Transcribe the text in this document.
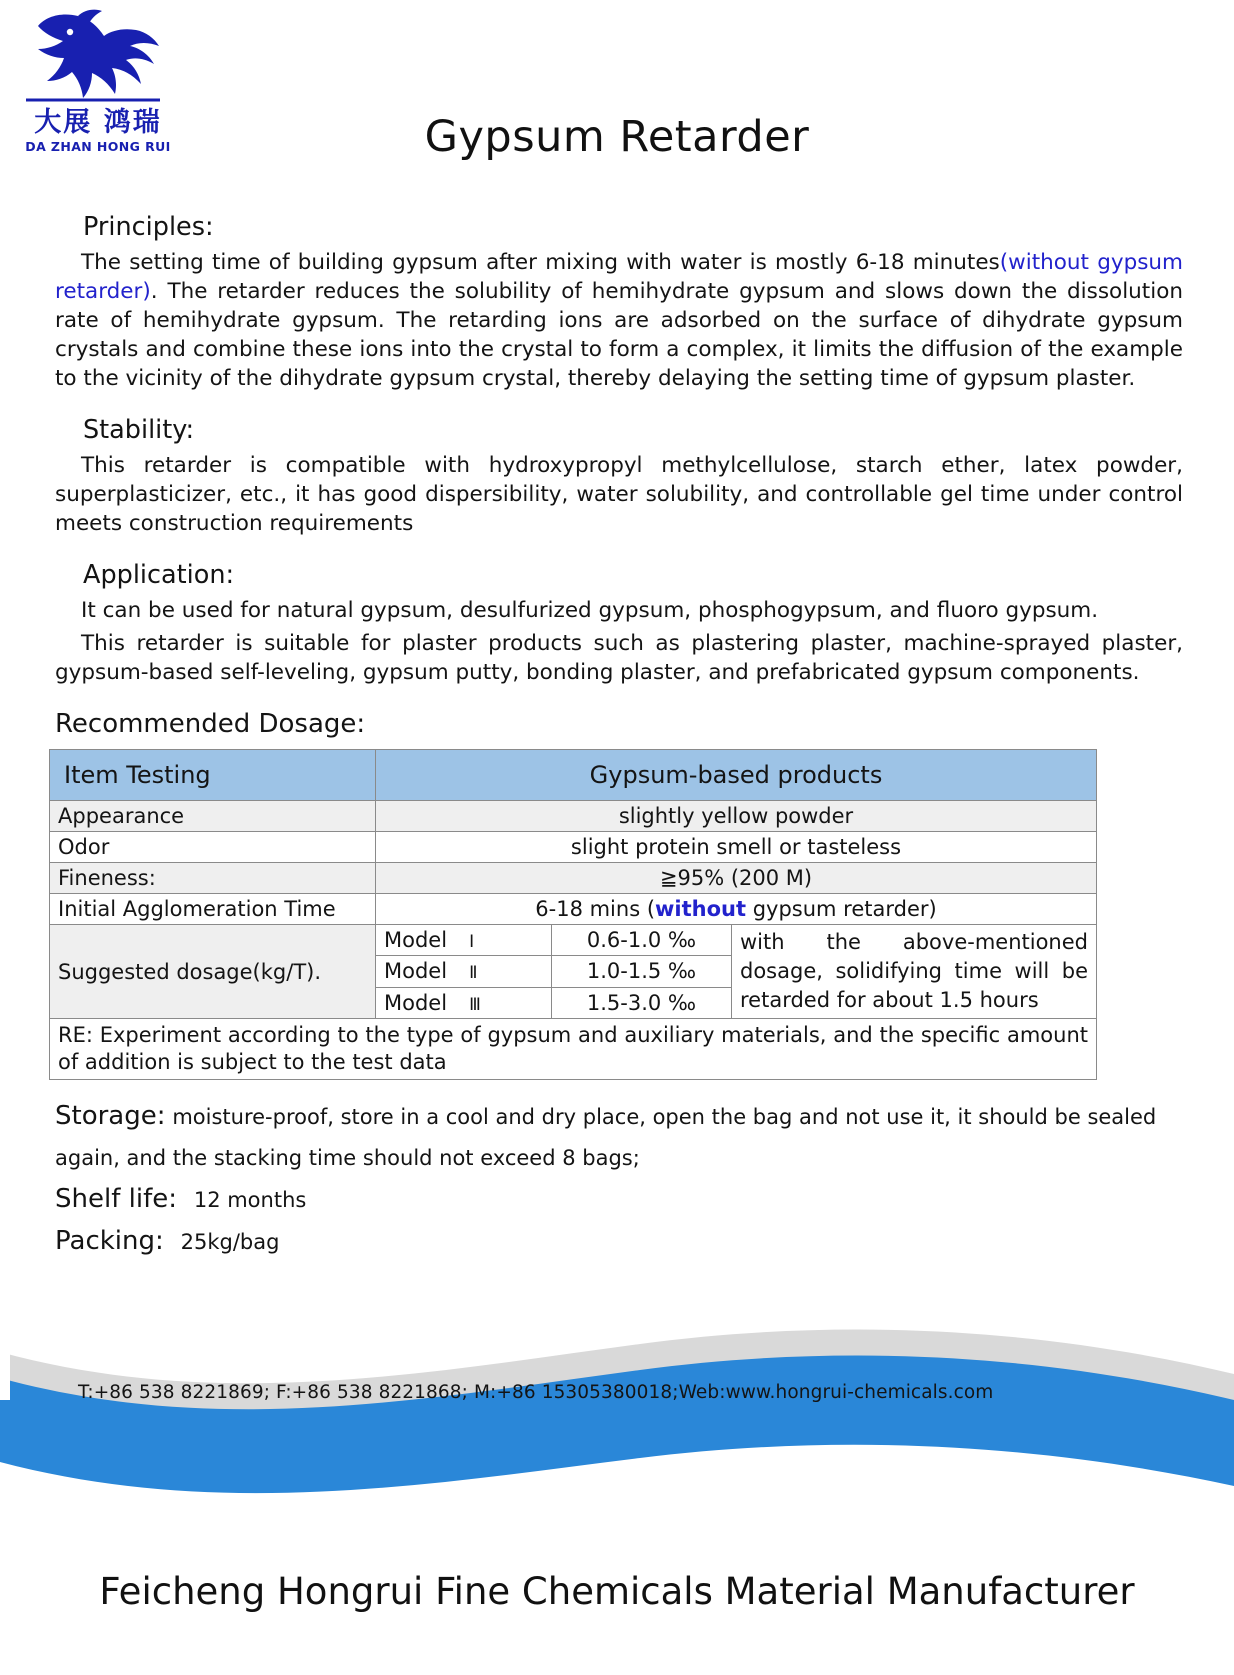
大展 鸿瑞
DA ZHAN HONG RUI	Gypsum Retarder
Principles:

The setting time of building gypsum after mixing with water is mostly 6-18 minutes(without gypsum retarder). The retarder reduces the solubility of hemihydrate gypsum and slows down the dissolution rate of hemihydrate gypsum. The retarding ions are adsorbed on the surface of dihydrate gypsum crystals and combine these ions into the crystal to form a complex, it limits the diffusion of the example to the vicinity of the dihydrate gypsum crystal, thereby delaying the setting time of gypsum plaster.

Stability:

This retarder is compatible with hydroxypropyl methylcellulose, starch ether, latex powder, superplasticizer, etc., it has good dispersibility, water solubility, and controllable gel time under control meets construction requirements

Application:

It can be used for natural gypsum, desulfurized gypsum, phosphogypsum, and fluoro gypsum.

This retarder is suitable for plaster products such as plastering plaster, machine-sprayed plaster, gypsum-based self-leveling, gypsum putty, bonding plaster, and prefabricated gypsum components.

Recommended Dosage:
Item Testing	Gypsum-based products		
Appearance	slightly yellow powder		
Odor	slight protein smell or tasteless		
Fineness:	≧95% (200 M)		
Initial Agglomeration Time	6-18 mins (without gypsum retarder)		
Suggested dosage(kg/T).	Model Ⅰ	0.6-1.0 ‰	with the above-mentioned dosage, solidifying time will be retarded for about 1.5 hours
	Model Ⅱ	1.0-1.5 ‰	
	Model Ⅲ	1.5-3.0 ‰	
RE: Experiment according to the type of gypsum and auxiliary materials, and the specific amount of addition is subject to the test data			
Storage: moisture-proof, store in a cool and dry place, open the bag and not use it, it should be sealed again, and the stacking time should not exceed 8 bags;
Shelf life: 12 months
Packing: 25kg/bag
T:+86 538 8221869; F:+86 538 8221868; M:+86 15305380018;Web:www.hongrui-chemicals.com
Feicheng Hongrui Fine Chemicals Material Manufacturer
